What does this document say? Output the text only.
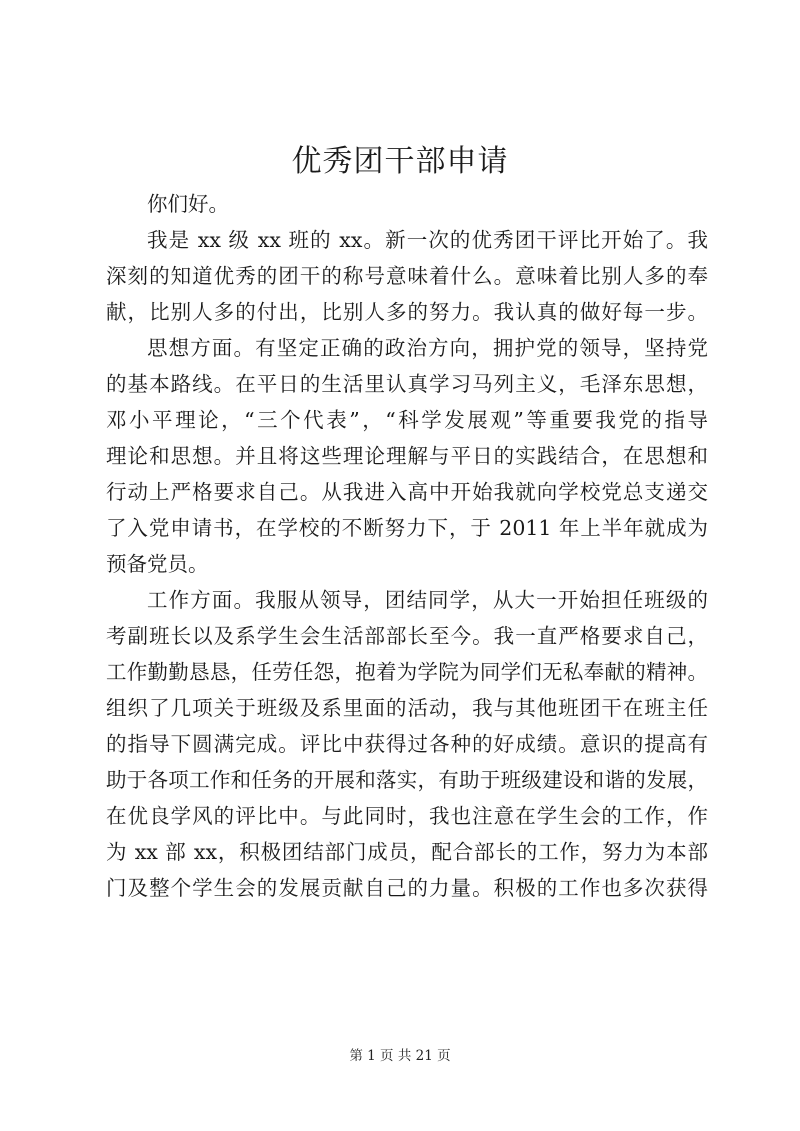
优秀团干部申请
你们好。
我是 xx 级 xx 班的 xx。新一次的优秀团干评比开始了。我
深刻的知道优秀的团干的称号意味着什么。意味着比别人多的奉
献，比别人多的付出，比别人多的努力。我认真的做好每一步。
思想方面。有坚定正确的政治方向，拥护党的领导，坚持党
的基本路线。在平日的生活里认真学习马列主义，毛泽东思想，
邓小平理论，“三个代表”，“科学发展观”等重要我党的指导
理论和思想。并且将这些理论理解与平日的实践结合，在思想和
行动上严格要求自己。从我进入高中开始我就向学校党总支递交
了入党申请书，在学校的不断努力下，于 2011 年上半年就成为
预备党员。
工作方面。我服从领导，团结同学，从大一开始担任班级的
考副班长以及系学生会生活部部长至今。我一直严格要求自己，
工作勤勤恳恳，任劳任怨，抱着为学院为同学们无私奉献的精神。
组织了几项关于班级及系里面的活动，我与其他班团干在班主任
的指导下圆满完成。评比中获得过各种的好成绩。意识的提高有
助于各项工作和任务的开展和落实，有助于班级建设和谐的发展，
在优良学风的评比中。与此同时，我也注意在学生会的工作，作
为 xx 部 xx，积极团结部门成员，配合部长的工作，努力为本部
门及整个学生会的发展贡献自己的力量。积极的工作也多次获得
第 1 页 共 21 页
